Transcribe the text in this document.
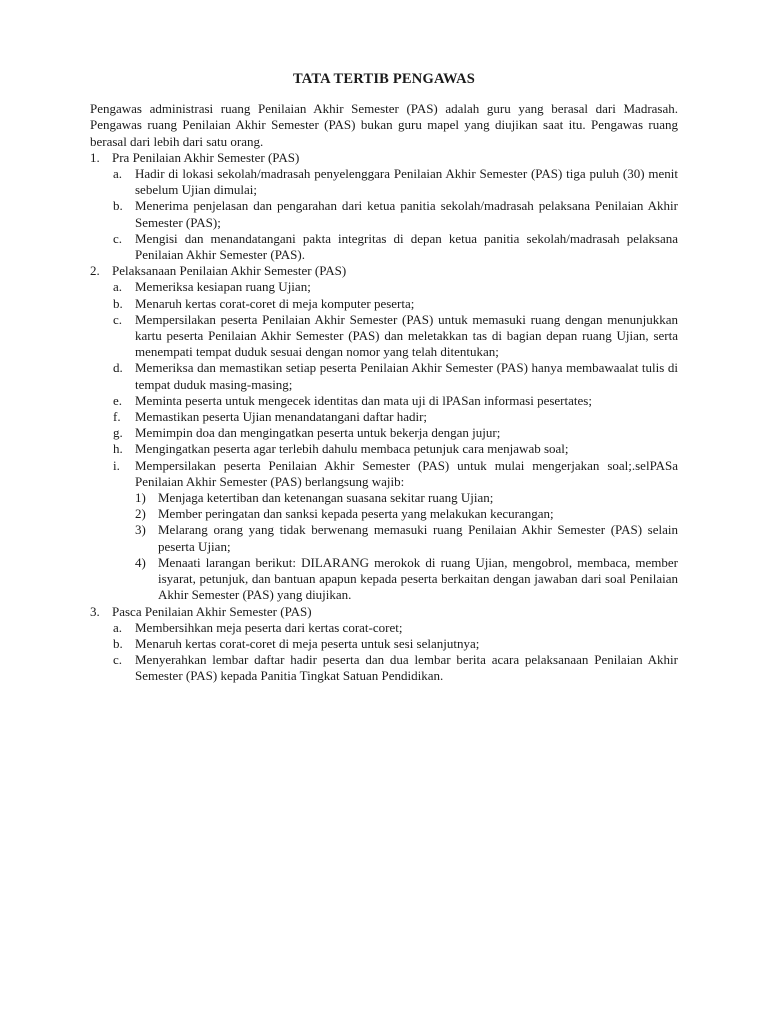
TATA TERTIB PENGAWAS

Pengawas administrasi ruang Penilaian Akhir Semester (PAS) adalah guru yang berasal dari Madrasah. Pengawas ruang Penilaian Akhir Semester (PAS) bukan guru mapel yang diujikan saat itu. Pengawas ruang berasal dari lebih dari satu orang.

1. Pra Penilaian Akhir Semester (PAS)
a. Hadir di lokasi sekolah/madrasah penyelenggara Penilaian Akhir Semester (PAS) tiga puluh (30) menit sebelum Ujian dimulai;
b. Menerima penjelasan dan pengarahan dari ketua panitia sekolah/madrasah pelaksana Penilaian Akhir Semester (PAS);
c. Mengisi dan menandatangani pakta integritas di depan ketua panitia sekolah/madrasah pelaksana Penilaian Akhir Semester (PAS).
2. Pelaksanaan Penilaian Akhir Semester (PAS)
a. Memeriksa kesiapan ruang Ujian;
b. Menaruh kertas corat-coret di meja komputer peserta;
c. Mempersilakan peserta Penilaian Akhir Semester (PAS) untuk memasuki ruang dengan menunjukkan kartu peserta Penilaian Akhir Semester (PAS) dan meletakkan tas di bagian depan ruang Ujian, serta menempati tempat duduk sesuai dengan nomor yang telah ditentukan;
d. Memeriksa dan memastikan setiap peserta Penilaian Akhir Semester (PAS) hanya membawaalat tulis di tempat duduk masing-masing;
e. Meminta peserta untuk mengecek identitas dan mata uji di lPASan informasi pesertates;
f.	Memastikan peserta Ujian menandatangani daftar hadir;
g. Memimpin doa dan mengingatkan peserta untuk bekerja dengan jujur;
h. Mengingatkan peserta agar terlebih dahulu membaca petunjuk cara menjawab soal;
i.	Mempersilakan peserta Penilaian Akhir Semester (PAS) untuk mulai mengerjakan soal;.selPASa Penilaian Akhir Semester (PAS) berlangsung wajib:
1) Menjaga ketertiban dan ketenangan suasana sekitar ruang Ujian;
2) Member peringatan dan sanksi kepada peserta yang melakukan kecurangan;
3) Melarang orang yang tidak berwenang memasuki ruang Penilaian Akhir Semester (PAS) selain peserta Ujian;
4) Menaati larangan berikut: DILARANG merokok di ruang Ujian, mengobrol, membaca, member isyarat, petunjuk, dan bantuan apapun kepada peserta berkaitan dengan jawaban dari soal Penilaian Akhir Semester (PAS) yang diujikan.
3. Pasca Penilaian Akhir Semester (PAS)
a. Membersihkan meja peserta dari kertas corat-coret;
b. Menaruh kertas corat-coret di meja peserta untuk sesi selanjutnya;
c. Menyerahkan lembar daftar hadir peserta dan dua lembar berita acara pelaksanaan Penilaian Akhir Semester (PAS) kepada Panitia Tingkat Satuan Pendidikan.
